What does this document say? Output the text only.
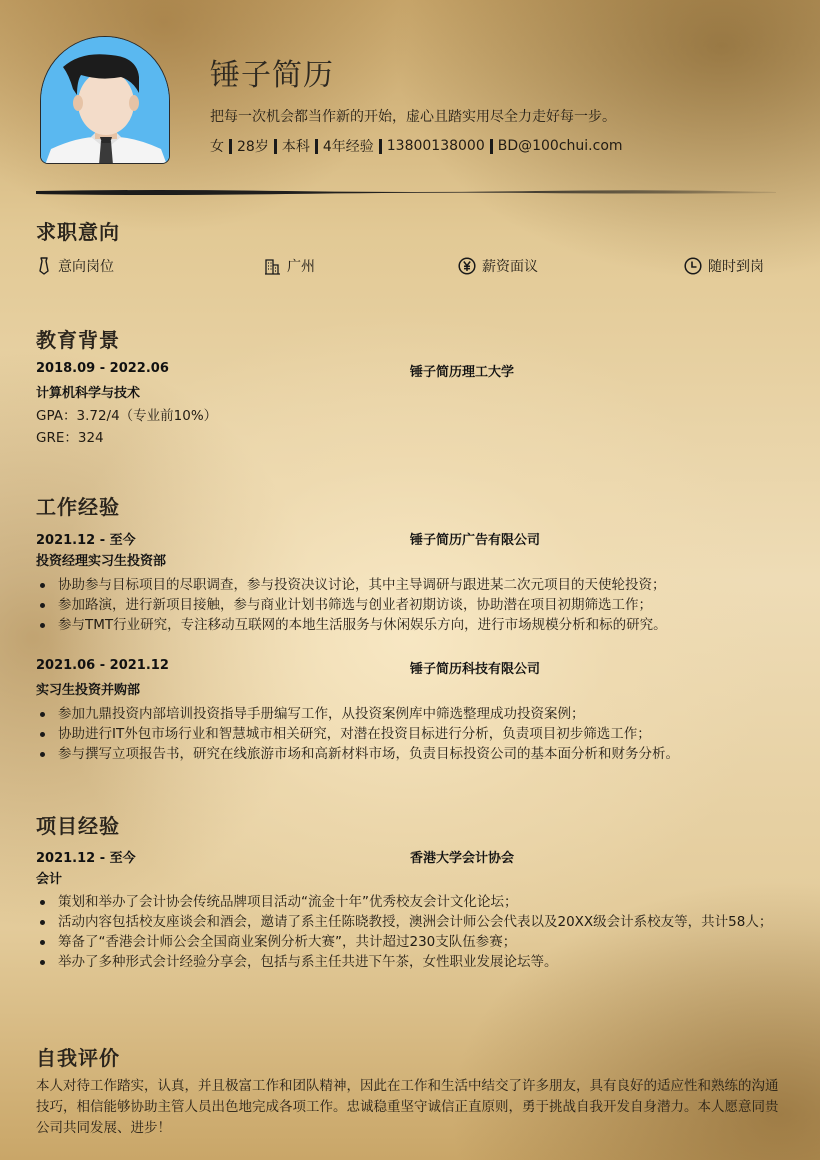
锤子简历
把每一次机会都当作新的开始，虚心且踏实用尽全力走好每一步。
女 28岁 本科 4年经验 13800138000 BD@100chui.com
求职意向
意向岗位	广州	薪资面议	随时到岗
教育背景
2018.09 - 2022.06	锤子简历理工大学
计算机科学与技术
GPA：3.72/4（专业前10%）
GRE：324
工作经验
2021.12 - 至今	锤子简历广告有限公司
投资经理实习生投资部
协助参与目标项目的尽职调查，参与投资决议讨论，其中主导调研与跟进某二次元项目的天使轮投资；
参加路演，进行新项目接触，参与商业计划书筛选与创业者初期访谈，协助潜在项目初期筛选工作；
参与TMT行业研究，专注移动互联网的本地生活服务与休闲娱乐方向，进行市场规模分析和标的研究。
2021.06 - 2021.12	锤子简历科技有限公司
实习生投资并购部
参加九鼎投资内部培训投资指导手册编写工作，从投资案例库中筛选整理成功投资案例；
协助进行IT外包市场行业和智慧城市相关研究，对潜在投资目标进行分析，负责项目初步筛选工作；
参与撰写立项报告书，研究在线旅游市场和高新材料市场，负责目标投资公司的基本面分析和财务分析。
项目经验
2021.12 - 至今	香港大学会计协会
会计
策划和举办了会计协会传统品牌项目活动“流金十年”优秀校友会计文化论坛；
活动内容包括校友座谈会和酒会，邀请了系主任陈晓教授，澳洲会计师公会代表以及20XX级会计系校友等，共计58人；
筹备了“香港会计师公会全国商业案例分析大赛”，共计超过230支队伍参赛；
举办了多种形式会计经验分享会，包括与系主任共进下午茶，女性职业发展论坛等。
自我评价
本人对待工作踏实，认真，并且极富工作和团队精神，因此在工作和生活中结交了许多朋友，具有良好的适应性和熟练的沟通技巧，相信能够协助主管人员出色地完成各项工作。忠诚稳重坚守诚信正直原则，勇于挑战自我开发自身潜力。本人愿意同贵公司共同发展、进步！
